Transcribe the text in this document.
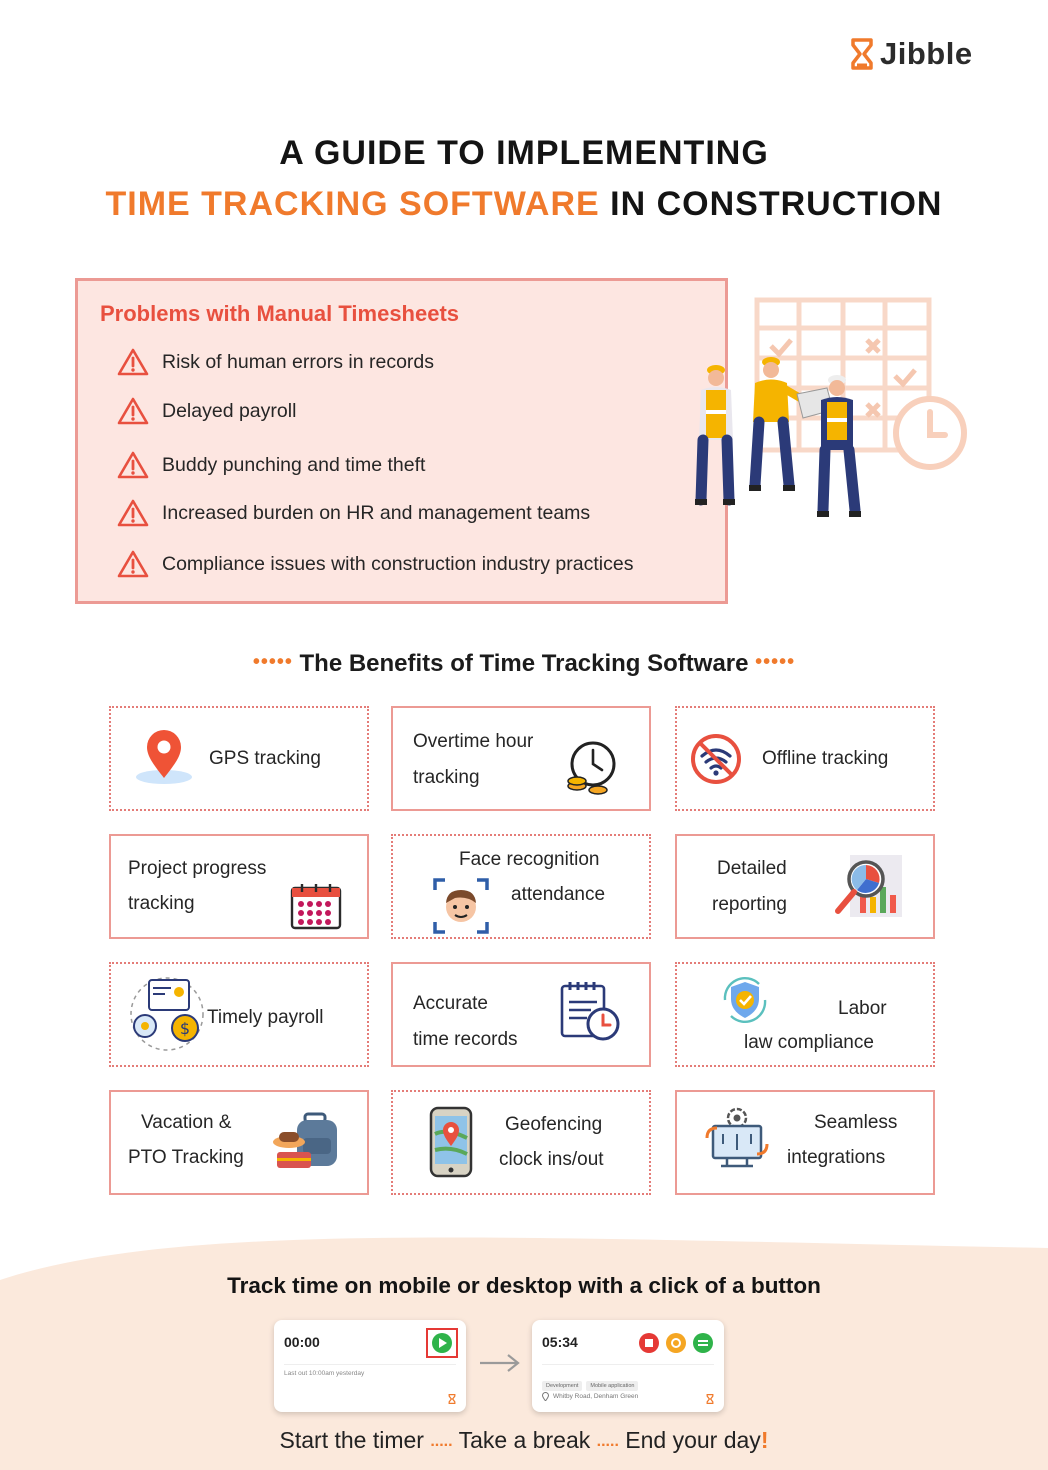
Jibble
A GUIDE TO IMPLEMENTING
TIME TRACKING SOFTWARE IN CONSTRUCTION
Problems with Manual Timesheets
Risk of human errors in records
Delayed payroll
Buddy punching and time theft
Increased burden on HR and management teams
Compliance issues with construction industry practices
••••• The Benefits of Time Tracking Software •••••
GPS tracking
Overtime hour
tracking
Offline tracking
Project progress
tracking
Face recognition
attendance
Detailed
reporting
$
Timely payroll
Accurate
time records
Labor
law compliance
Vacation &
PTO Tracking
Geofencing
clock ins/out
Seamless
integrations
Track time on mobile or desktop with a click of a button
00:00
Last out 10:00am yesterday
05:34
Development Mobile application
Whitby Road, Denham Green
Start the timer ..... Take a break ..... End your day!
